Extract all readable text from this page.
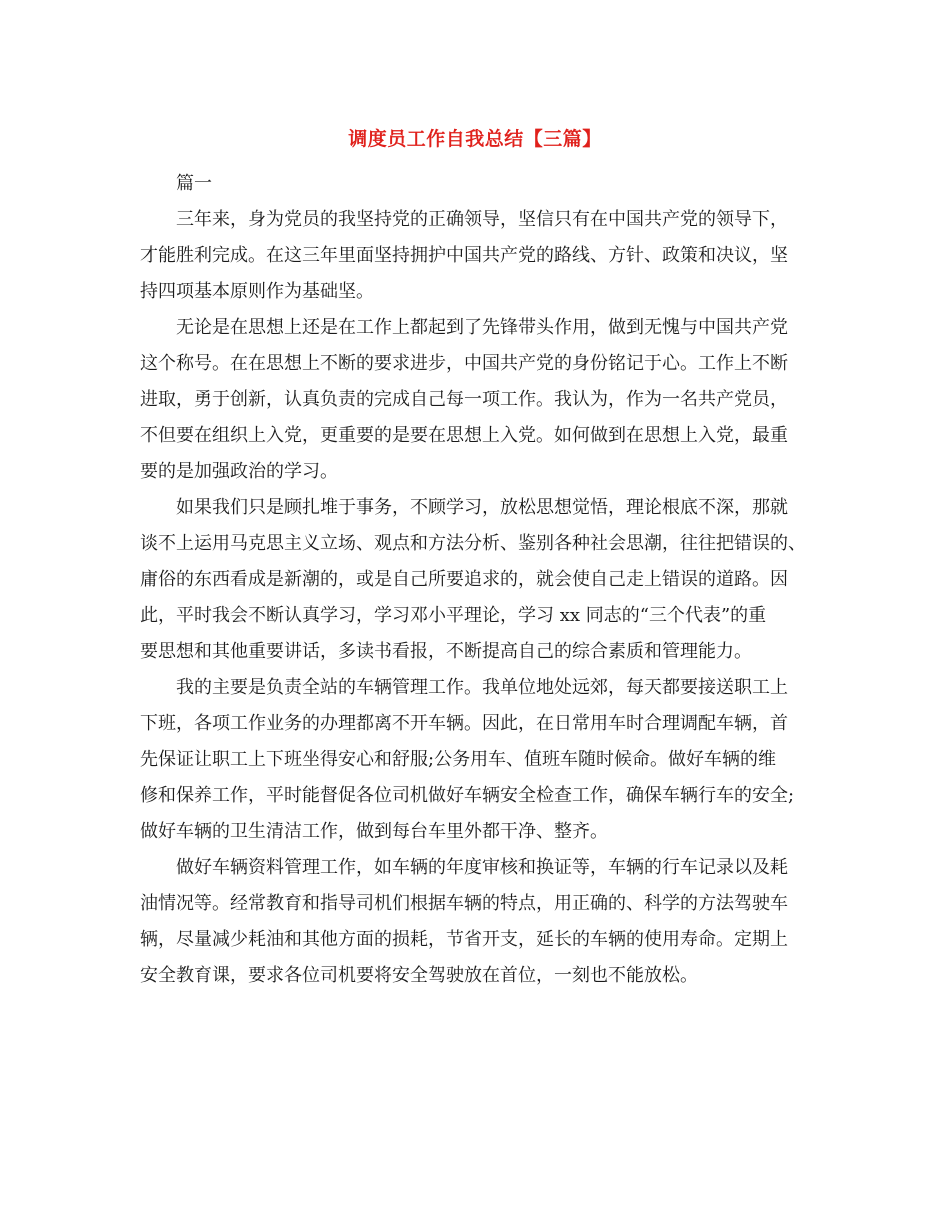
调度员工作自我总结【三篇】
篇一
三年来，身为党员的我坚持党的正确领导，坚信只有在中国共产党的领导下，
才能胜利完成。在这三年里面坚持拥护中国共产党的路线、方针、政策和决议，坚
持四项基本原则作为基础坚。
无论是在思想上还是在工作上都起到了先锋带头作用，做到无愧与中国共产党
这个称号。在在思想上不断的要求进步，中国共产党的身份铭记于心。工作上不断
进取，勇于创新，认真负责的完成自己每一项工作。我认为，作为一名共产党员，
不但要在组织上入党，更重要的是要在思想上入党。如何做到在思想上入党，最重
要的是加强政治的学习。
如果我们只是顾扎堆于事务，不顾学习，放松思想觉悟，理论根底不深，那就
谈不上运用马克思主义立场、观点和方法分析、鉴别各种社会思潮，往往把错误的、
庸俗的东西看成是新潮的，或是自己所要追求的，就会使自己走上错误的道路。因
此，平时我会不断认真学习，学习邓小平理论，学习 xx 同志的“三个代表”的重
要思想和其他重要讲话，多读书看报，不断提高自己的综合素质和管理能力。
我的主要是负责全站的车辆管理工作。我单位地处远郊，每天都要接送职工上
下班，各项工作业务的办理都离不开车辆。因此，在日常用车时合理调配车辆，首
先保证让职工上下班坐得安心和舒服;公务用车、值班车随时候命。做好车辆的维
修和保养工作，平时能督促各位司机做好车辆安全检查工作，确保车辆行车的安全;
做好车辆的卫生清洁工作，做到每台车里外都干净、整齐。
做好车辆资料管理工作，如车辆的年度审核和换证等，车辆的行车记录以及耗
油情况等。经常教育和指导司机们根据车辆的特点，用正确的、科学的方法驾驶车
辆，尽量减少耗油和其他方面的损耗，节省开支，延长的车辆的使用寿命。定期上
安全教育课，要求各位司机要将安全驾驶放在首位，一刻也不能放松。
